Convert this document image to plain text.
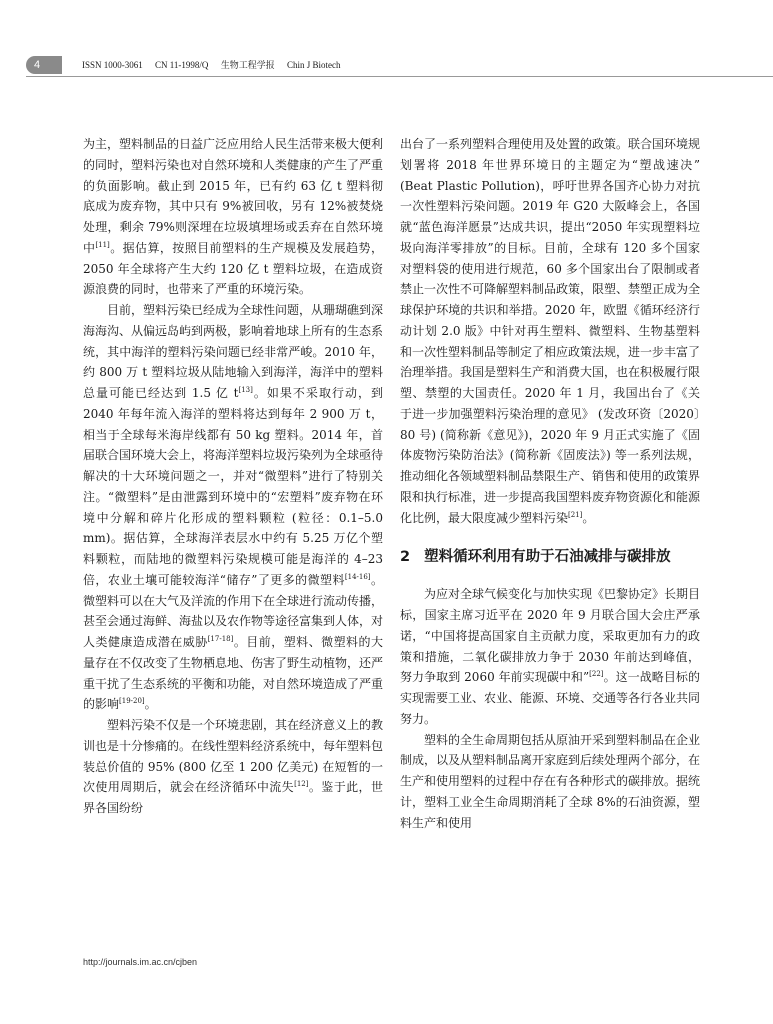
4	ISSN 1000-3061 CN 11-1998/Q 生物工程学报 Chin J Biotech

为主，塑料制品的日益广泛应用给人民生活带来极大便利的同时，塑料污染也对自然环境和人类健康的产生了严重的负面影响。截止到 2015 年，已有约 63 亿 t 塑料彻底成为废弃物，其中只有 9%被回收，另有 12%被焚烧处理，剩余 79%则深埋在垃圾填埋场或丢弃在自然环境中[11]。据估算，按照目前塑料的生产规模及发展趋势，2050 年全球将产生大约 120 亿 t 塑料垃圾，在造成资源浪费的同时，也带来了严重的环境污染。

目前，塑料污染已经成为全球性问题，从珊瑚礁到深海海沟、从偏远岛屿到两极，影响着地球上所有的生态系统，其中海洋的塑料污染问题已经非常严峻。2010 年，约 800 万 t 塑料垃圾从陆地输入到海洋，海洋中的塑料总量可能已经达到 1.5 亿 t[13]。如果不采取行动，到 2040 年每年流入海洋的塑料将达到每年 2 900 万 t，相当于全球每米海岸线都有 50 kg 塑料。2014 年，首届联合国环境大会上，将海洋塑料垃圾污染列为全球亟待解决的十大环境问题之一，并对“微塑料”进行了特别关注。“微塑料”是由泄露到环境中的“宏塑料”废弃物在环境中分解和碎片化形成的塑料颗粒 (粒径：0.1–5.0 mm)。据估算，全球海洋表层水中约有 5.25 万亿个塑料颗粒，而陆地的微塑料污染规模可能是海洋的 4–23 倍，农业土壤可能较海洋“储存”了更多的微塑料[14-16]。微塑料可以在大气及洋流的作用下在全球进行流动传播，甚至会通过海鲜、海盐以及农作物等途径富集到人体，对人类健康造成潜在威胁[17-18]。目前，塑料、微塑料的大量存在不仅改变了生物栖息地、伤害了野生动植物，还严重干扰了生态系统的平衡和功能，对自然环境造成了严重的影响[19-20]。

塑料污染不仅是一个环境悲剧，其在经济意义上的教训也是十分惨痛的。在线性塑料经济系统中，每年塑料包装总价值的 95% (800 亿至 1 200 亿美元) 在短暂的一次使用周期后，就会在经济循环中流失[12]。鉴于此，世界各国纷纷

出台了一系列塑料合理使用及处置的政策。联合国环境规划署将 2018 年世界环境日的主题定为“塑战速决” (Beat Plastic Pollution)，呼吁世界各国齐心协力对抗一次性塑料污染问题。2019 年 G20 大阪峰会上，各国就“蓝色海洋愿景”达成共识，提出“2050 年实现塑料垃圾向海洋零排放”的目标。目前，全球有 120 多个国家对塑料袋的使用进行规范，60 多个国家出台了限制或者禁止一次性不可降解塑料制品政策，限塑、禁塑正成为全球保护环境的共识和举措。2020 年，欧盟《循环经济行动计划 2.0 版》中针对再生塑料、微塑料、生物基塑料和一次性塑料制品等制定了相应政策法规，进一步丰富了治理举措。我国是塑料生产和消费大国，也在积极履行限塑、禁塑的大国责任。2020 年 1 月，我国出台了《关于进一步加强塑料污染治理的意见》 (发改环资〔2020〕80 号) (简称新《意见》)，2020 年 9 月正式实施了《固体废物污染防治法》(简称新《固废法》) 等一系列法规，推动细化各领域塑料制品禁限生产、销售和使用的政策界限和执行标准，进一步提高我国塑料废弃物资源化和能源化比例，最大限度减少塑料污染[21]。

2 塑料循环利用有助于石油减排与碳排放

为应对全球气候变化与加快实现《巴黎协定》长期目标，国家主席习近平在 2020 年 9 月联合国大会庄严承诺，“中国将提高国家自主贡献力度，采取更加有力的政策和措施，二氧化碳排放力争于 2030 年前达到峰值，努力争取到 2060 年前实现碳中和”[22]。这一战略目标的实现需要工业、农业、能源、环境、交通等各行各业共同努力。

塑料的全生命周期包括从原油开采到塑料制品在企业制成，以及从塑料制品离开家庭到后续处理两个部分，在生产和使用塑料的过程中存在有各种形式的碳排放。据统计，塑料工业全生命周期消耗了全球 8%的石油资源，塑料生产和使用

http://journals.im.ac.cn/cjben
